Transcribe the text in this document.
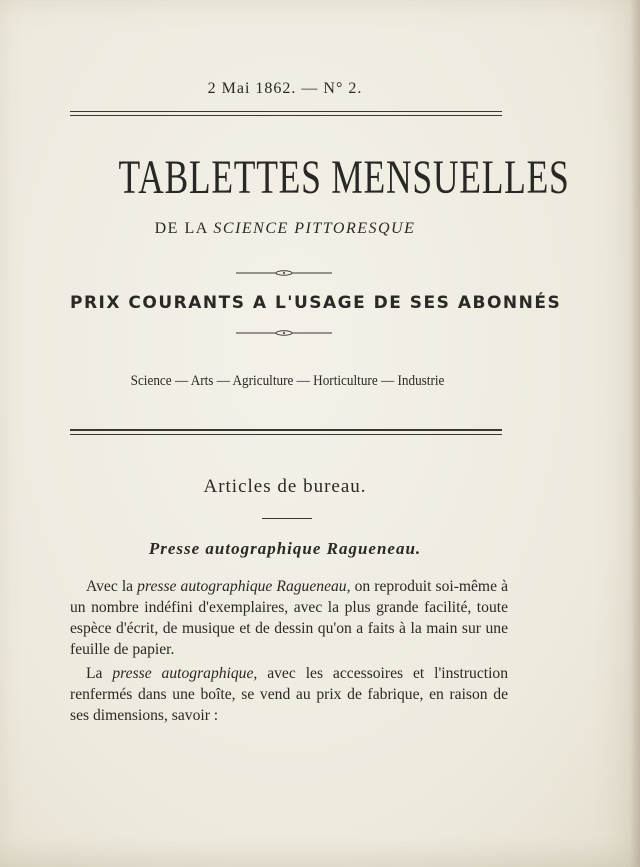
2 Mai 1862. — N° 2.
TABLETTES MENSUELLES
DE LA SCIENCE PITTORESQUE
PRIX COURANTS A L'USAGE DE SES ABONNÉS
Science — Arts — Agriculture — Horticulture — Industrie
Articles de bureau.
Presse autographique Ragueneau.
Avec la presse autographique Ragueneau, on reproduit soi-même à un nombre indéfini d'exemplaires, avec la plus grande facilité, toute espèce d'écrit, de musique et de dessin qu'on a faits à la main sur une feuille de papier.
La presse autographique, avec les accessoires et l'instruction renfermés dans une boîte, se vend au prix de fabrique, en raison de ses dimensions, savoir :
